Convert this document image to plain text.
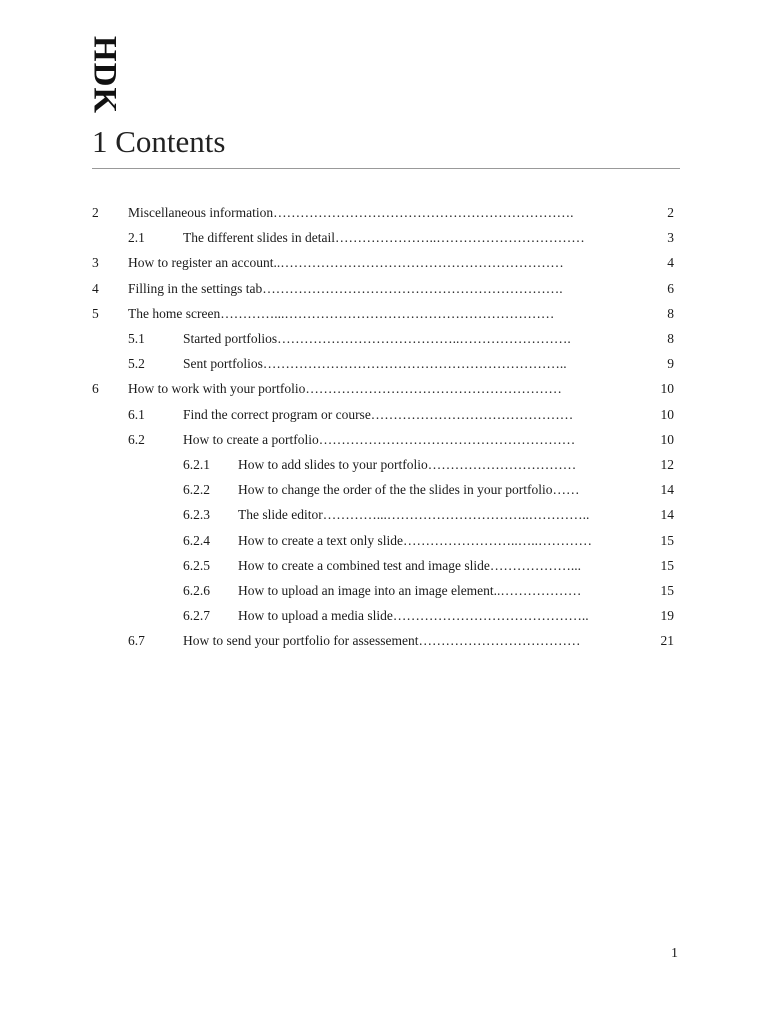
HDK
1 Contents
2 Miscellaneous information………………………………………………………….	2
2.1	The different slides in detail…………………..……………………………	3
3 How to register an account..………………………………………………………	4
4 Filling in the settings tab………………………………………………………….	6
5 The home screen…………...……………………………………………………	8
5.1	Started portfolios…………………………………..…………………….	8
5.2	Sent portfolios…………………………………………………………..	9
6 How to work with your portfolio…………………………………………………	10
6.1	Find the correct program or course………………………………………	10
6.2	How to create a portfolio…………………………………………………	10
6.2.1 How to add slides to your portfolio……………………………	12
6.2.2 How to change the order of the the slides in your portfolio……	14
6.2.3 The slide editor…………...…………………………..…………..	14
6.2.4 How to create a text only slide……………………..…..…………	15
6.2.5 How to create a combined test and image slide………………...	15
6.2.6 How to upload an image into an image element..………………	15
6.2.7 How to upload a media slide……………………………………..	19
6.7	How to send your portfolio for assessement………………………………	21
1
